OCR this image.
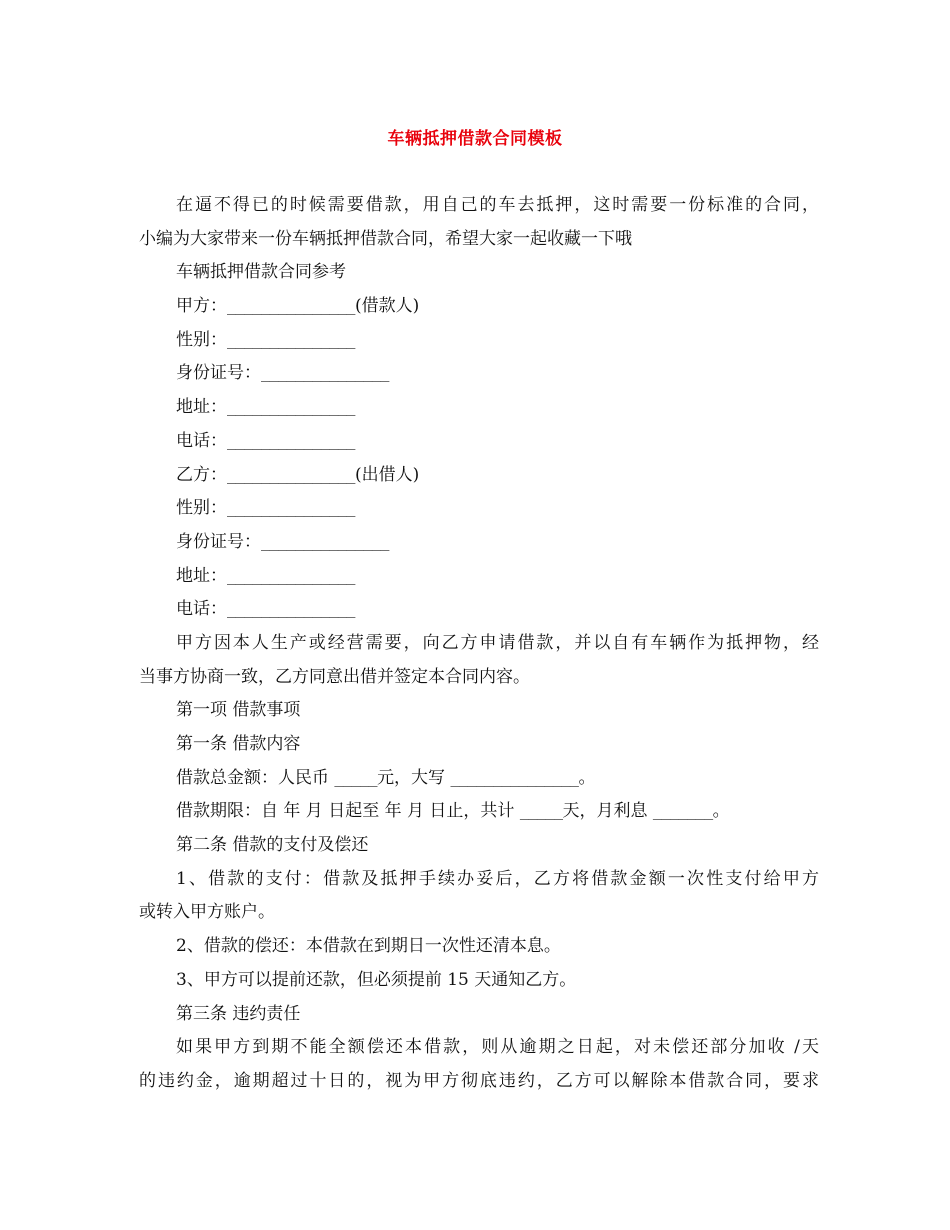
车辆抵押借款合同模板
在逼不得已的时候需要借款，用自己的车去抵押，这时需要一份标准的合同，
小编为大家带来一份车辆抵押借款合同，希望大家一起收藏一下哦
车辆抵押借款合同参考
甲方：_______________(借款人)
性别：_______________
身份证号：_______________
地址：_______________
电话：_______________
乙方：_______________(出借人)
性别：_______________
身份证号：_______________
地址：_______________
电话：_______________
甲方因本人生产或经营需要，向乙方申请借款，并以自有车辆作为抵押物，经
当事方协商一致，乙方同意出借并签定本合同内容。
第一项 借款事项
第一条 借款内容
借款总金额：人民币 _____元，大写 _______________。
借款期限：自 年 月 日起至 年 月 日止，共计 _____天，月利息 _______。
第二条 借款的支付及偿还
1、借款的支付：借款及抵押手续办妥后，乙方将借款金额一次性支付给甲方
或转入甲方账户。
2、借款的偿还：本借款在到期日一次性还清本息。
3、甲方可以提前还款，但必须提前 15 天通知乙方。
第三条 违约责任
如果甲方到期不能全额偿还本借款，则从逾期之日起，对未偿还部分加收 /天
的违约金，逾期超过十日的，视为甲方彻底违约，乙方可以解除本借款合同，要求
